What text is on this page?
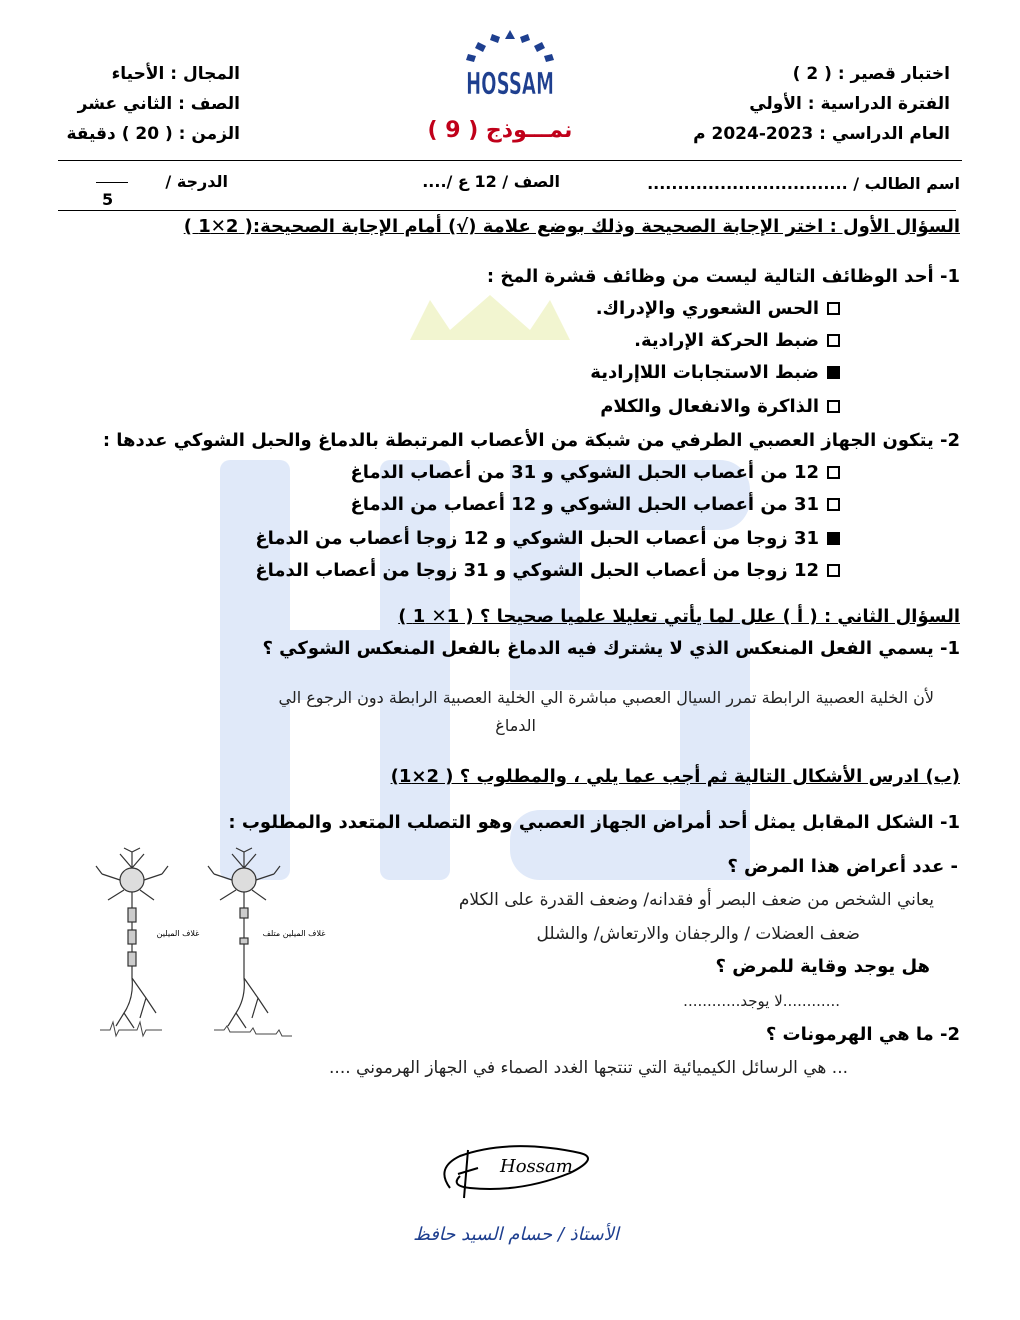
HOSSAM	اختبار قصير : ( 2 )
الفترة الدراسية : الأولي
العام الدراسي : 2023-2024 م
المجال : الأحياء
الصف : الثاني عشر
الزمن : ( 20 ) دقيقة	نمـــوذج ( 9 )
اسم الطالب / .................................
الصف / 12 ع /....
الدرجة /
5
السؤال الأول : اختر الإجابة الصحيحة وذلك بوضع علامة (√) أمام الإجابة الصحيحة:( 2✕1 )
1- أحد الوظائف التالية ليست من وظائف قشرة المخ :
الحس الشعوري والإدراك.
ضبط الحركة الإرادية.
ضبط الاستجابات اللاإرادية
الذاكرة والانفعال والكلام
2- يتكون الجهاز العصبي الطرفي من شبكة من الأعصاب المرتبطة بالدماغ والحبل الشوكي عددها :
12 من أعصاب الحبل الشوكي و 31 من أعصاب الدماغ
31 من أعصاب الحبل الشوكي و 12 أعصاب من الدماغ
31 زوجا من أعصاب الحبل الشوكي و 12 زوجا أعصاب من الدماغ
12 زوجا من أعصاب الحبل الشوكي و 31 زوجا من أعصاب الدماغ
السؤال الثاني : ( أ ) علل لما يأتي تعليلا علميا صحيحا ؟ ( 1✕ 1 )
1- يسمي الفعل المنعكس الذي لا يشترك فيه الدماغ بالفعل المنعكس الشوكي ؟
لأن الخلية العصبية الرابطة تمرر السيال العصبي مباشرة الي الخلية العصبية الرابطة دون الرجوع الي
الدماغ
(ب) ادرس الأشكال التالية ثم أجب عما يلي ، والمطلوب ؟ ( 2×1)
1- الشكل المقابل يمثل أحد أمراض الجهاز العصبي وهو التصلب المتعدد والمطلوب :
- عدد أعراض هذا المرض ؟
يعاني الشخص من ضعف البصر أو فقدانه/ وضعف القدرة على الكلام
ضعف العضلات / والرجفان والارتعاش/ والشلل
هل يوجد وقاية للمرض ؟
............لا يوجد............
2- ما هي الهرمونات ؟
... هي الرسائل الكيميائية التي تنتجها الغدد الصماء في الجهاز الهرموني ....
غلاف الميلين	غلاف الميلين متلف
Hossam
الأستاذ / حسام السيد حافظ
